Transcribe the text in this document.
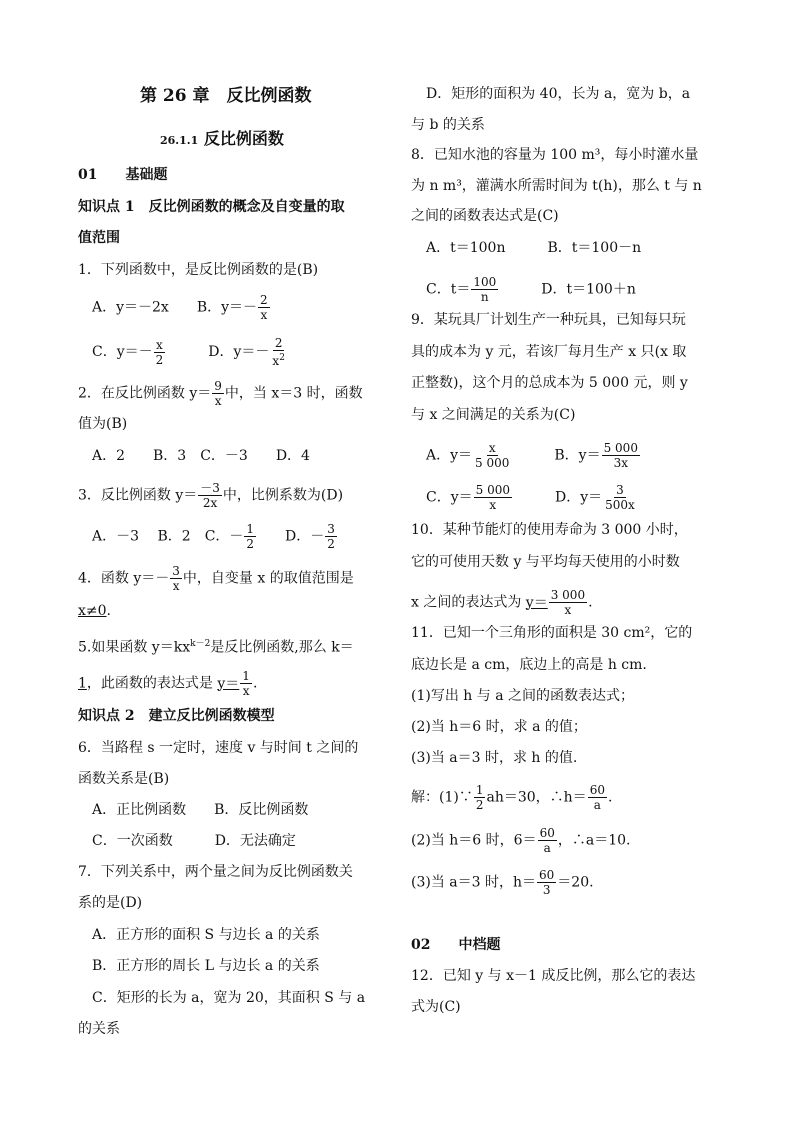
第 26 章　反比例函数
26.1.1 反比例函数
01　　 基础题
知识点 1　反比例函数的概念及自变量的取
值范围
1．下列函数中，是反比例函数的是(B)
A．y＝－2x　　 B．$y=- \frac{2}{x}$
C．$y=- \frac{x}{2}$
　　　	D．$y=- \frac{2}{x^2}$
2．在反比例函数 $y= \frac{9}{x}$ 中，当 x＝3 时，函数
值为(B)
A．2　　B．3　C．－3　　D．4
3．反比例函数 $y= \frac{-3}{2x}$ 中，比例系数为(D)
A．－3　 B．2　 C．－ $\frac{1}{2}$
　　 D．－ $\frac{3}{2}$
4．函数 $y=- \frac{3}{x}$ 中，自变量 x 的取值范围是
x≠0.
5.如果函数 $y=kx^{k-2}$是反比例函数,那么 k＝
1，此函数的表达式是 $y= \frac{1}{x}$ .
知识点 2　建立反比例函数模型
6．当路程 s 一定时，速度 v 与时间 t 之间的
函数关系是(B)
A．正比例函数　　B．反比例函数
C．一次函数　　　D．无法确定
7．下列关系中，两个量之间为反比例函数关
系的是(D)
A．正方形的面积 S 与边长 a 的关系
B．正方形的周长 L 与边长 a 的关系
C．矩形的长为 a，宽为 20，其面积 S 与 a
的关系
D．矩形的面积为 40，长为 a，宽为 b，a
与 b 的关系
8．已知水池的容量为 100 m³，每小时灌水量
为 n m³，灌满水所需时间为 t(h)，那么 t 与 n
之间的函数表达式是(C)
A．t＝100n　　　	B．t＝100－n
C．$t= \frac{100}{n}$
　　　	D．t＝100＋n
9．某玩具厂计划生产一种玩具，已知每只玩
具的成本为 y 元，若该厂每月生产 x 只(x 取
正整数)，这个月的总成本为 5 000 元，则 y
与 x 之间满足的关系为(C)
A．$y= \frac{x}{5 000}$
　　　	B．$y= \frac{5 000}{3x}$
C．$y= \frac{5 000}{x}$
　　　	D．$y= \frac{3}{500x}$
10．某种节能灯的使用寿命为 3 000 小时，
它的可使用天数 y 与平均每天使用的小时数
x 之间的表达式为 $y= \frac{3 000}{x}$ .
11．已知一个三角形的面积是 30 cm²，它的
底边长是 a cm，底边上的高是 h cm.
(1)写出 h 与 a 之间的函数表达式；
(2)当 h＝6 时，求 a 的值；
(3)当 a＝3 时，求 h 的值.
解：(1)∵ $\frac{1}{2} ah=30$，∴h＝ $\frac{60}{a}$ .
(2)当 h＝6 时，$6= \frac{60}{a}$ ，∴a＝10.
(3)当 a＝3 时，$h= \frac{60}{3} =20$.
02　　 中档题
12．已知 y 与 x－1 成反比例，那么它的表达
式为(C)
